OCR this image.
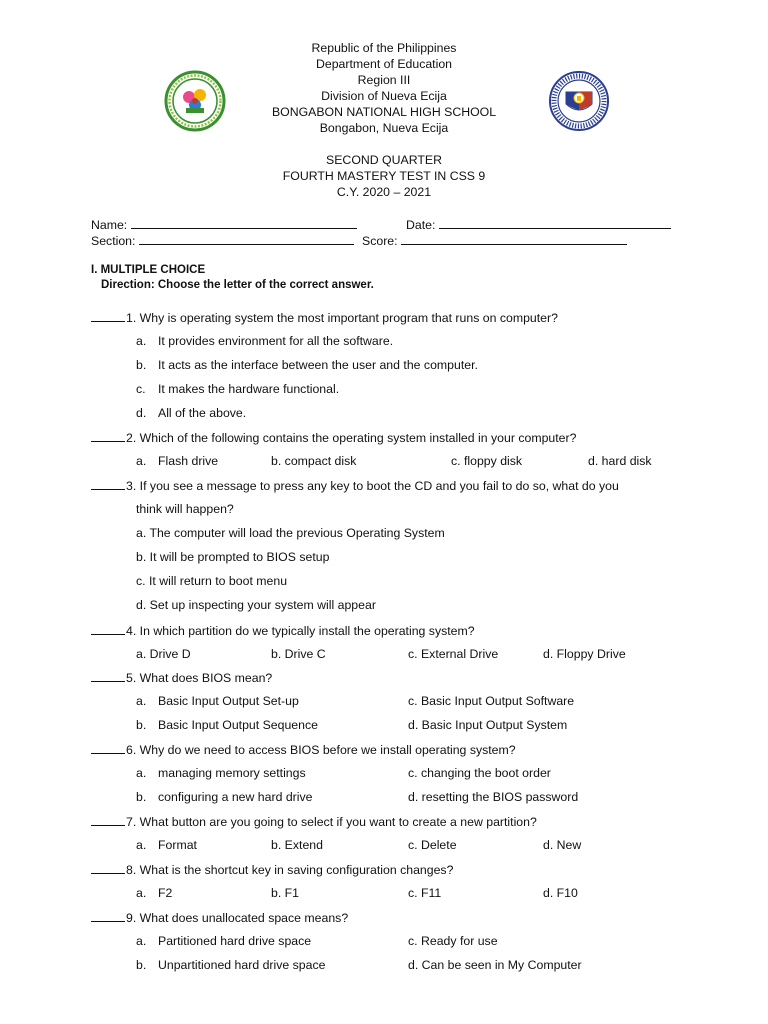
Republic of the Philippines
Department of Education
Region III
Division of Nueva Ecija
BONGABON NATIONAL HIGH SCHOOL
Bongabon, Nueva Ecija
SECOND QUARTER
FOURTH MASTERY TEST IN CSS 9
C.Y. 2020 – 2021
Name:	Date:
Section:	Score:
I. MULTIPLE CHOICE
Direction: Choose the letter of the correct answer.
1. Why is operating system the most important program that runs on computer?
a. It provides environment for all the software.
b. It acts as the interface between the user and the computer.
c. It makes the hardware functional.
d. All of the above.
2. Which of the following contains the operating system installed in your computer?
a. Flash drive	b. compact disk	c. floppy disk	d. hard disk
3. If you see a message to press any key to boot the CD and you fail to do so, what do you
think will happen?
a. The computer will load the previous Operating System
b. It will be prompted to BIOS setup
c. It will return to boot menu
d. Set up inspecting your system will appear
4. In which partition do we typically install the operating system?
a. Drive D	b. Drive C	c. External Drive	d. Floppy Drive
5. What does BIOS mean?
a. Basic Input Output Set-up	c. Basic Input Output Software
b. Basic Input Output Sequence	d. Basic Input Output System
6. Why do we need to access BIOS before we install operating system?
a. managing memory settings	c. changing the boot order
b. configuring a new hard drive	d. resetting the BIOS password
7. What button are you going to select if you want to create a new partition?
a. Format	b. Extend	c. Delete	d. New
8. What is the shortcut key in saving configuration changes?
a. F2	b. F1	c. F11	d. F10
9. What does unallocated space means?
a. Partitioned hard drive space	c. Ready for use
b. Unpartitioned hard drive space	d. Can be seen in My Computer
